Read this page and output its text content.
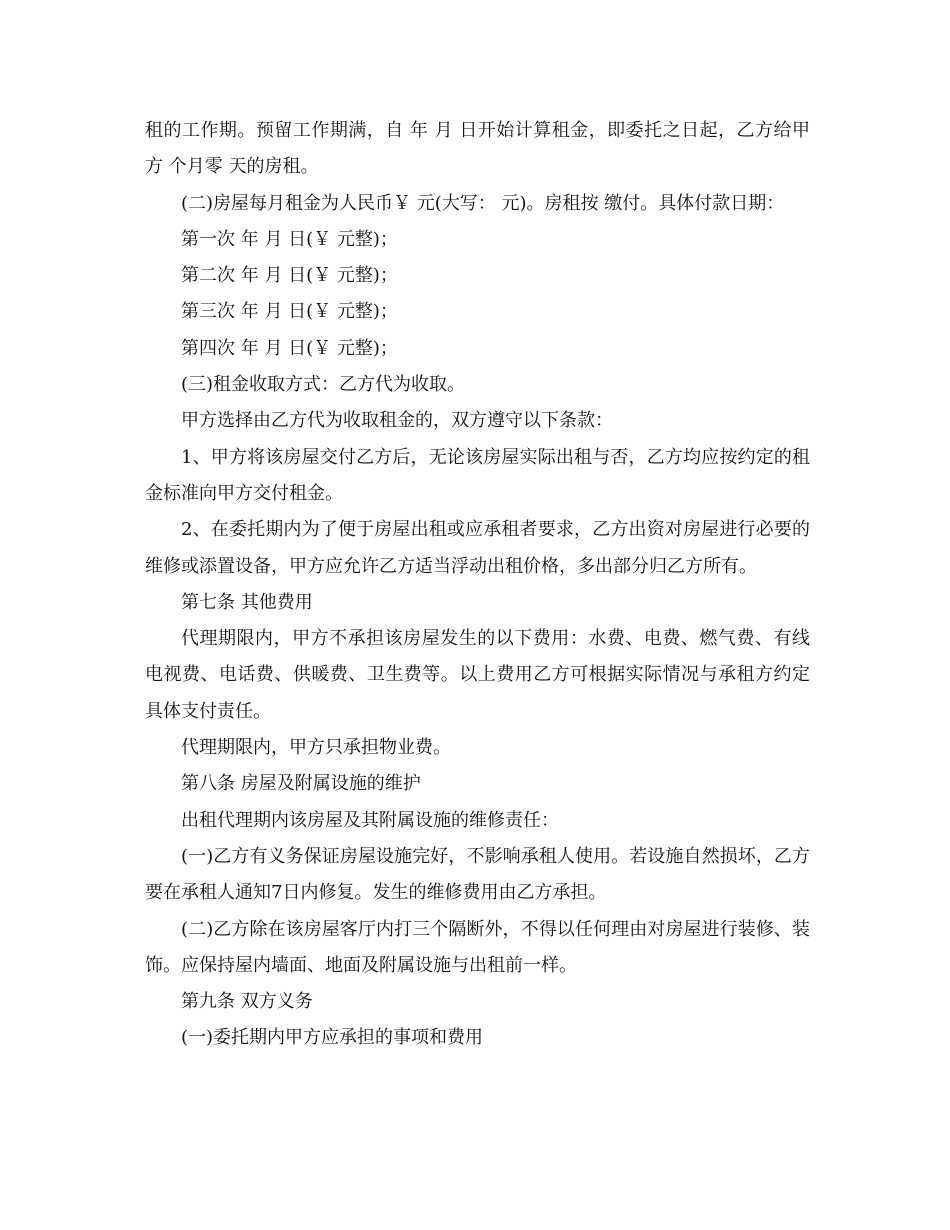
租的工作期。预留工作期满，自 年 月 日开始计算租金，即委托之日起，乙方给甲方 个月零 天的房租。

(二)房屋每月租金为人民币￥ 元(大写： 元)。房租按 缴付。具体付款日期：

第一次 年 月 日(￥ 元整)；

第二次 年 月 日(￥ 元整)；

第三次 年 月 日(￥ 元整)；

第四次 年 月 日(￥ 元整)；

(三)租金收取方式：乙方代为收取。

甲方选择由乙方代为收取租金的，双方遵守以下条款：

1、甲方将该房屋交付乙方后，无论该房屋实际出租与否，乙方均应按约定的租金标准向甲方交付租金。

2、在委托期内为了便于房屋出租或应承租者要求，乙方出资对房屋进行必要的维修或添置设备，甲方应允许乙方适当浮动出租价格，多出部分归乙方所有。

第七条 其他费用

代理期限内，甲方不承担该房屋发生的以下费用：水费、电费、燃气费、有线电视费、电话费、供暖费、卫生费等。以上费用乙方可根据实际情况与承租方约定具体支付责任。

代理期限内，甲方只承担物业费。

第八条 房屋及附属设施的维护

出租代理期内该房屋及其附属设施的维修责任：

(一)乙方有义务保证房屋设施完好，不影响承租人使用。若设施自然损坏，乙方要在承租人通知7日内修复。发生的维修费用由乙方承担。

(二)乙方除在该房屋客厅内打三个隔断外，不得以任何理由对房屋进行装修、装饰。应保持屋内墙面、地面及附属设施与出租前一样。

第九条 双方义务

(一)委托期内甲方应承担的事项和费用
